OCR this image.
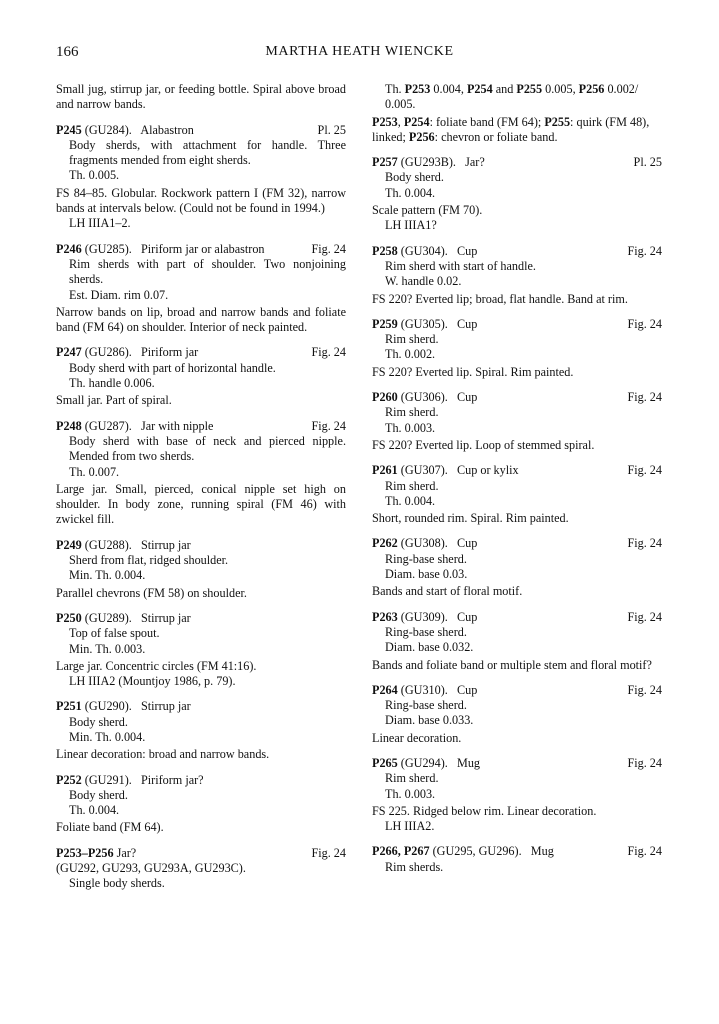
166	MARTHA HEATH WIENCKE

Small jug, stirrup jar, or feeding bottle. Spiral above broad and narrow bands.

P245 (GU284). Alabastron	Pl. 25

Body sherds, with attachment for handle. Three fragments mended from eight sherds.

Th. 0.005.

FS 84–85. Globular. Rockwork pattern I (FM 32), narrow bands at intervals below. (Could not be found in 1994.)

LH IIIA1–2.

P246 (GU285). Piriform jar or alabastron	Fig. 24

Rim sherds with part of shoulder. Two nonjoining sherds.

Est. Diam. rim 0.07.

Narrow bands on lip, broad and narrow bands and foliate band (FM 64) on shoulder. Interior of neck painted.

P247 (GU286). Piriform jar	Fig. 24

Body sherd with part of horizontal handle.

Th. handle 0.006.

Small jar. Part of spiral.

P248 (GU287). Jar with nipple	Fig. 24

Body sherd with base of neck and pierced nipple. Mended from two sherds.

Th. 0.007.

Large jar. Small, pierced, conical nipple set high on shoulder. In body zone, running spiral (FM 46) with zwickel fill.

P249 (GU288). Stirrup jar

Sherd from flat, ridged shoulder.

Min. Th. 0.004.

Parallel chevrons (FM 58) on shoulder.

P250 (GU289). Stirrup jar

Top of false spout.

Min. Th. 0.003.

Large jar. Concentric circles (FM 41:16).

LH IIIA2 (Mountjoy 1986, p. 79).

P251 (GU290). Stirrup jar

Body sherd.

Min. Th. 0.004.

Linear decoration: broad and narrow bands.

P252 (GU291). Piriform jar?

Body sherd.

Th. 0.004.

Foliate band (FM 64).

P253–P256 Jar?	Fig. 24

(GU292, GU293, GU293A, GU293C).

Single body sherds.

Th. P253 0.004, P254 and P255 0.005, P256 0.002/

0.005.

P253, P254: foliate band (FM 64); P255: quirk (FM 48), linked; P256: chevron or foliate band.

P257 (GU293B). Jar?	Pl. 25

Body sherd.

Th. 0.004.

Scale pattern (FM 70).

LH IIIA1?

P258 (GU304). Cup	Fig. 24

Rim sherd with start of handle.

W. handle 0.02.

FS 220? Everted lip; broad, flat handle. Band at rim.

P259 (GU305). Cup	Fig. 24

Rim sherd.

Th. 0.002.

FS 220? Everted lip. Spiral. Rim painted.

P260 (GU306). Cup	Fig. 24

Rim sherd.

Th. 0.003.

FS 220? Everted lip. Loop of stemmed spiral.

P261 (GU307). Cup or kylix	Fig. 24

Rim sherd.

Th. 0.004.

Short, rounded rim. Spiral. Rim painted.

P262 (GU308). Cup	Fig. 24

Ring-base sherd.

Diam. base 0.03.

Bands and start of floral motif.

P263 (GU309). Cup	Fig. 24

Ring-base sherd.

Diam. base 0.032.

Bands and foliate band or multiple stem and floral motif?

P264 (GU310). Cup	Fig. 24

Ring-base sherd.

Diam. base 0.033.

Linear decoration.

P265 (GU294). Mug	Fig. 24

Rim sherd.

Th. 0.003.

FS 225. Ridged below rim. Linear decoration.

LH IIIA2.

P266, P267 (GU295, GU296). Mug	Fig. 24

Rim sherds.
